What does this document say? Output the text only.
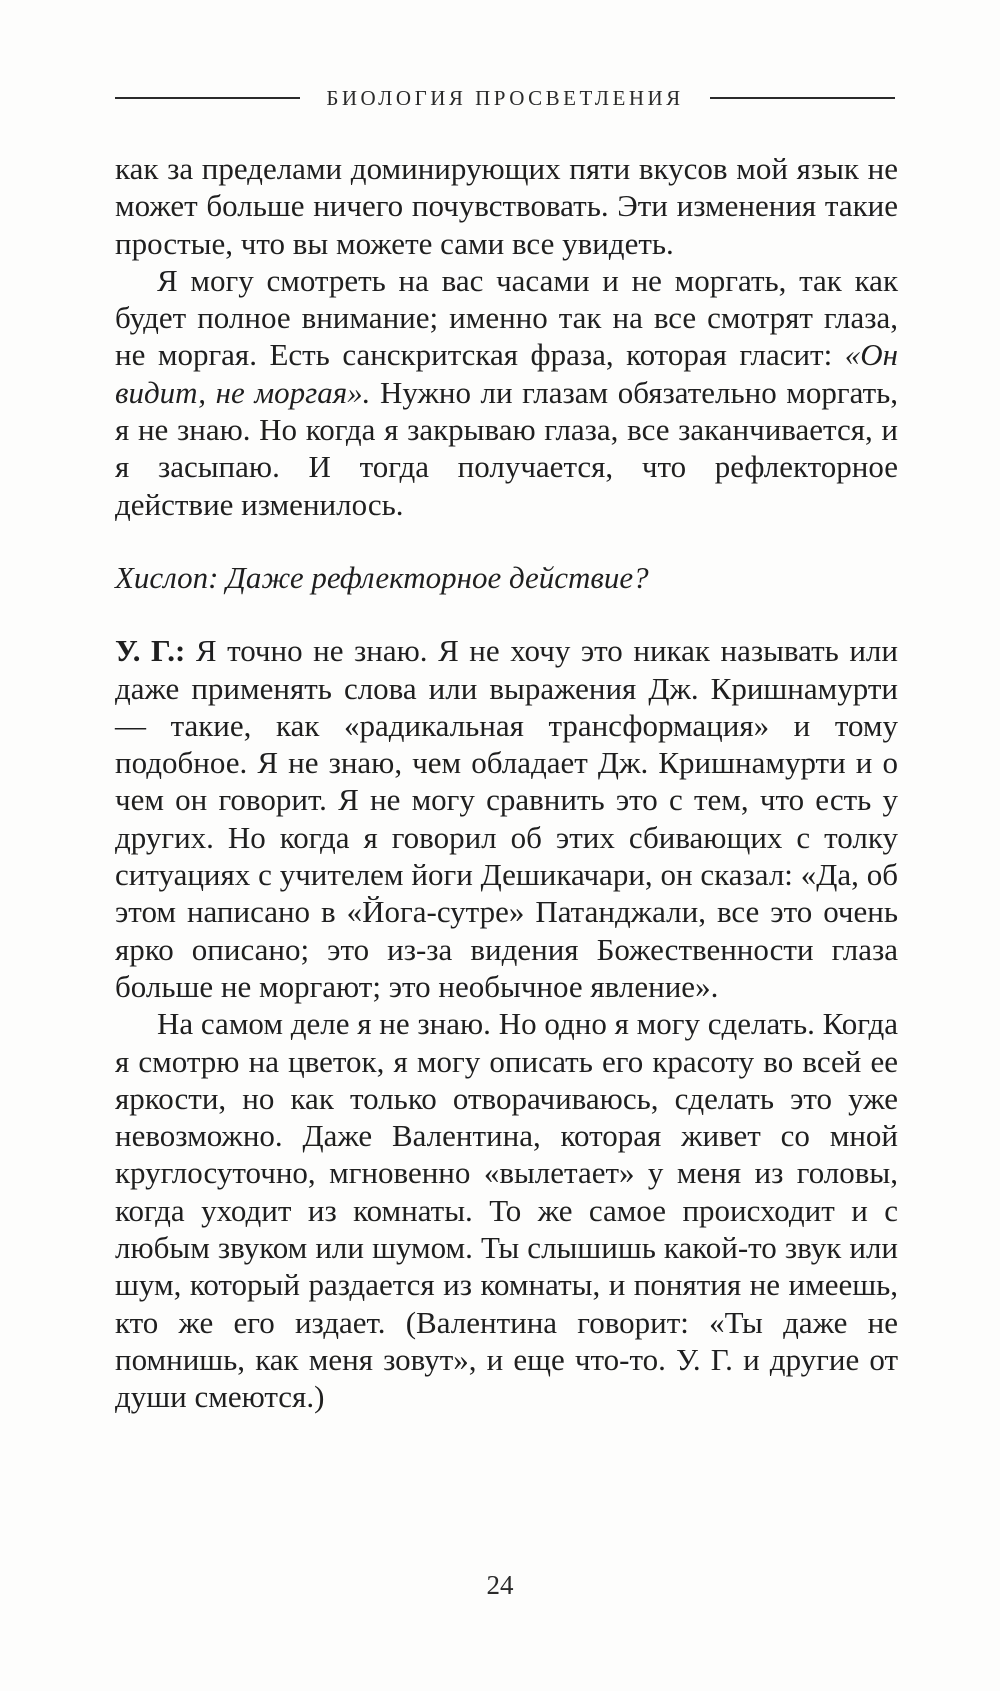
БИОЛОГИЯ ПРОСВЕТЛЕНИЯ

как за пределами доминирующих пяти вкусов мой язык не может больше ничего почувствовать. Эти изменения такие простые, что вы можете сами все увидеть.

Я могу смотреть на вас часами и не моргать, так как будет полное внимание; именно так на все смотрят глаза, не моргая. Есть санскритская фраза, которая гласит: «Он видит, не моргая». Нужно ли глазам обязательно моргать, я не знаю. Но когда я закрываю глаза, все заканчивается, и я засыпаю. И тогда получается, что рефлекторное действие изменилось.

Хислоп: Даже рефлекторное действие?

У. Г.: Я точно не знаю. Я не хочу это никак называть или даже применять слова или выражения Дж. Кришнамурти — такие, как «радикальная трансформация» и тому подобное. Я не знаю, чем обладает Дж. Кришнамурти и о чем он говорит. Я не могу сравнить это с тем, что есть у других. Но когда я говорил об этих сбивающих с толку ситуациях с учителем йоги Дешикачари, он сказал: «Да, об этом написано в «Йога-сутре» Патанджали, все это очень ярко описано; это из-за видения Божественности глаза больше не моргают; это необычное явление».

На самом деле я не знаю. Но одно я могу сделать. Когда я смотрю на цветок, я могу описать его красоту во всей ее яркости, но как только отворачиваюсь, сделать это уже невозможно. Даже Валентина, которая живет со мной круглосуточно, мгновенно «вылетает» у меня из головы, когда уходит из комнаты. То же самое происходит и с любым звуком или шумом. Ты слышишь какой-то звук или шум, который раздается из комнаты, и понятия не имеешь, кто же его издает. (Валентина говорит: «Ты даже не помнишь, как меня зовут», и еще что-то. У. Г. и другие от души смеются.)

24
